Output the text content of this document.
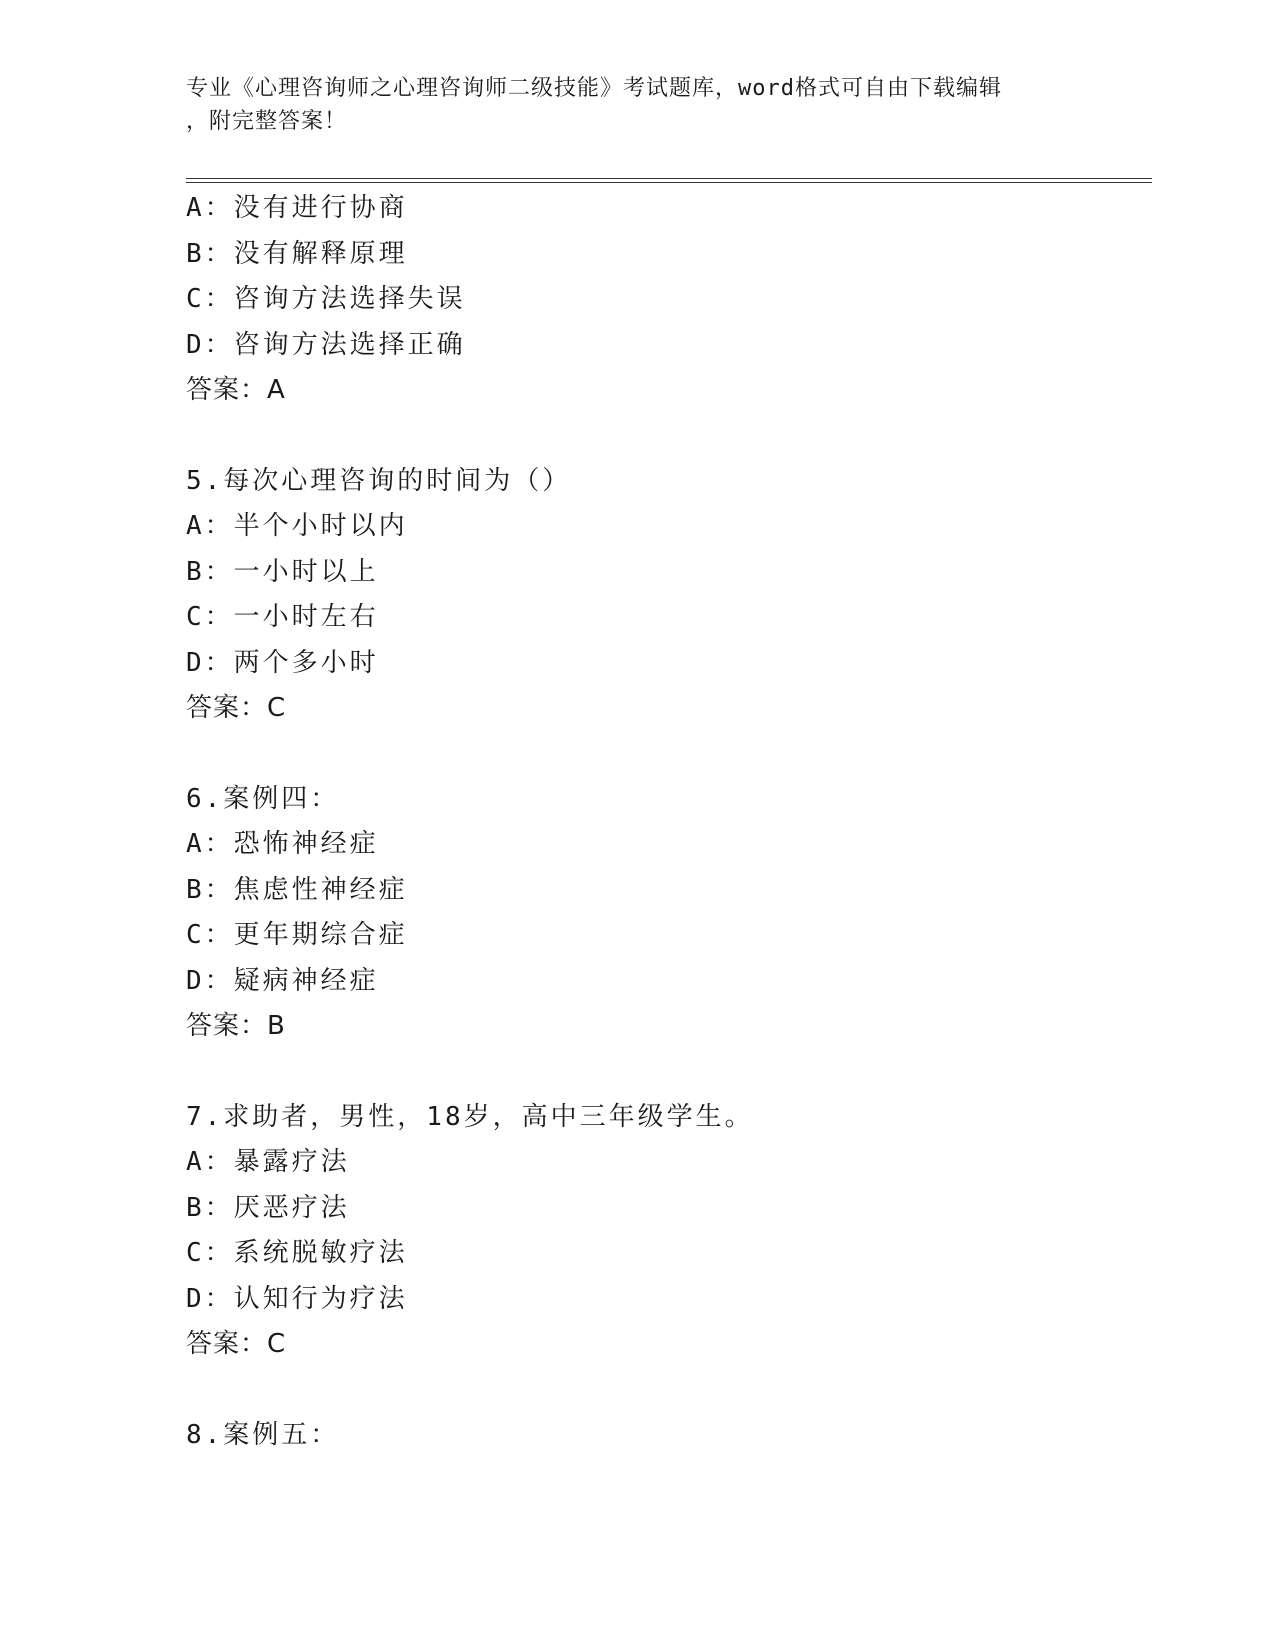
专业《心理咨询师之心理咨询师二级技能》考试题库，word格式可自由下载编辑
，附完整答案！
A：没有进行协商
B：没有解释原理
C：咨询方法选择失误
D：咨询方法选择正确
答案：A
5.每次心理咨询的时间为（）
A：半个小时以内
B：一小时以上
C：一小时左右
D：两个多小时
答案：C
6.案例四：
A：恐怖神经症
B：焦虑性神经症
C：更年期综合症
D：疑病神经症
答案：B
7.求助者，男性，18岁，高中三年级学生。
A：暴露疗法
B：厌恶疗法
C：系统脱敏疗法
D：认知行为疗法
答案：C
8.案例五：
